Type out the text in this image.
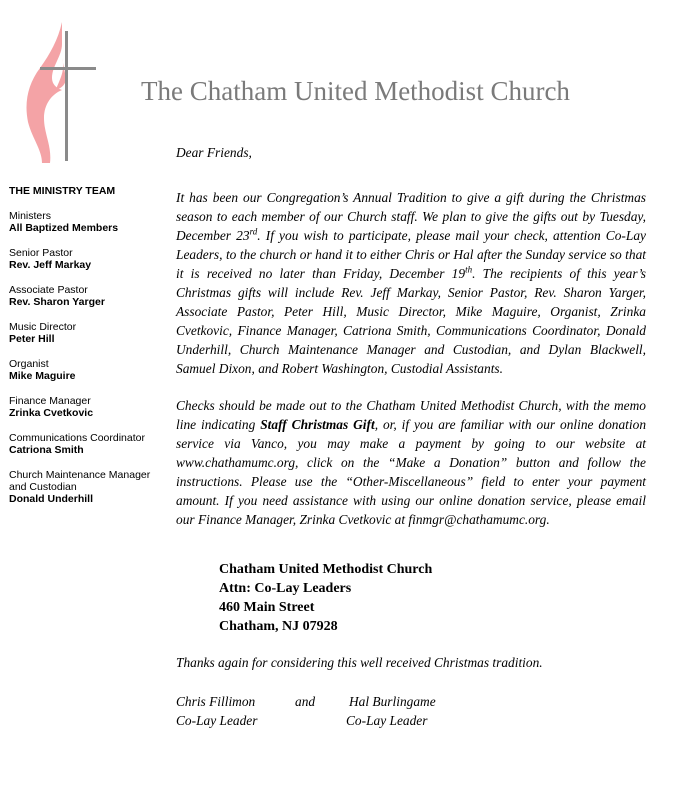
The Chatham United Methodist Church
THE MINISTRY TEAM
Ministers
All Baptized Members
Senior Pastor
Rev. Jeff Markay
Associate Pastor
Rev. Sharon Yarger
Music Director
Peter Hill
Organist
Mike Maguire
Finance Manager
Zrinka Cvetkovic
Communications Coordinator
Catriona Smith
Church Maintenance Manager and Custodian
Donald Underhill

Dear Friends,

It has been our Congregation’s Annual Tradition to give a gift during the Christmas season to each member of our Church staff. We plan to give the gifts out by Tuesday, December 23rd. If you wish to participate, please mail your check, attention Co-Lay Leaders, to the church or hand it to either Chris or Hal after the Sunday service so that it is received no later than Friday, December 19th. The recipients of this year’s Christmas gifts will include Rev. Jeff Markay, Senior Pastor, Rev. Sharon Yarger, Associate Pastor, Peter Hill, Music Director, Mike Maguire, Organist, Zrinka Cvetkovic, Finance Manager, Catriona Smith, Communications Coordinator, Donald Underhill, Church Maintenance Manager and Custodian, and Dylan Blackwell, Samuel Dixon, and Robert Washington, Custodial Assistants.

Checks should be made out to the Chatham United Methodist Church, with the memo line indicating Staff Christmas Gift, or, if you are familiar with our online donation service via Vanco, you may make a payment by going to our website at www.chathamumc.org, click on the “Make a Donation” button and follow the instructions. Please use the “Other-Miscellaneous” field to enter your payment amount. If you need assistance with using our online donation service, please email our Finance Manager, Zrinka Cvetkovic at finmgr@chathamumc.org.

Chatham United Methodist Church
Attn: Co-Lay Leaders
460 Main Street
Chatham, NJ 07928
Thanks again for considering this well received Christmas tradition.
Chris Fillimon	and	Hal Burlingame
Co-Lay Leader	Co-Lay Leader
